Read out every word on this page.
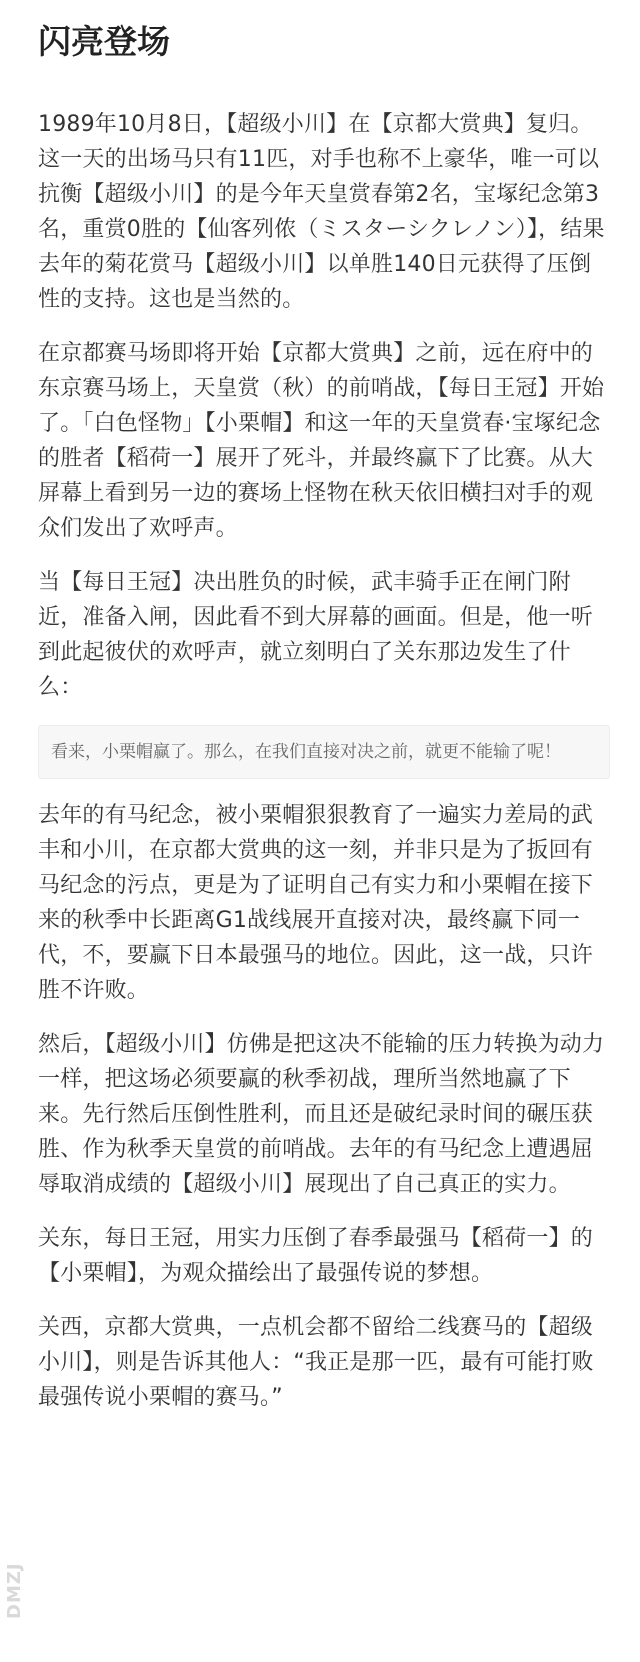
闪亮登场

1989年10月8日，【超级小川】在【京都大赏典】复归。这一天的出场马只有11匹，对手也称不上豪华，唯一可以抗衡【超级小川】的是今年天皇赏春第2名，宝塚纪念第3名，重赏0胜的【仙客列侬（ミスターシクレノン）】，结果去年的菊花赏马【超级小川】以单胜140日元获得了压倒性的支持。这也是当然的。

在京都赛马场即将开始【京都大赏典】之前，远在府中的东京赛马场上，天皇赏（秋）的前哨战，【每日王冠】开始了。「白色怪物」【小栗帽】和这一年的天皇赏春·宝塚纪念 的胜者【稻荷一】展开了死斗，并最终赢下了比赛。从大屏幕上看到另一边的赛场上怪物在秋天依旧横扫对手的观众们发出了欢呼声。

当【每日王冠】决出胜负的时候，武丰骑手正在闸门附近，准备入闸，因此看不到大屏幕的画面。但是，他一听到此起彼伏的欢呼声，就立刻明白了关东那边发生了什么：

看来，小栗帽赢了。那么，在我们直接对决之前，就更不能输了呢！

去年的有马纪念，被小栗帽狠狠教育了一遍实力差局的武丰和小川，在京都大赏典的这一刻，并非只是为了扳回有马纪念的污点，更是为了证明自己有实力和小栗帽在接下来的秋季中长距离G1战线展开直接对决，最终赢下同一代，不，要赢下日本最强马的地位。因此，这一战，只许胜不许败。

然后，【超级小川】仿佛是把这决不能输的压力转换为动力一样，把这场必须要赢的秋季初战，理所当然地赢了下来。先行然后压倒性胜利，而且还是破纪录时间的碾压获胜、作为秋季天皇赏的前哨战。去年的有马纪念上遭遇屈辱取消成绩的【超级小川】展现出了自己真正的实力。

关东，每日王冠，用实力压倒了春季最强马【稻荷一】的【小栗帽】，为观众描绘出了最强传说的梦想。

关西，京都大赏典，一点机会都不留给二线赛马的【超级小川】，则是告诉其他人：“我正是那一匹，最有可能打败最强传说小栗帽的赛马。”

DMZJ
